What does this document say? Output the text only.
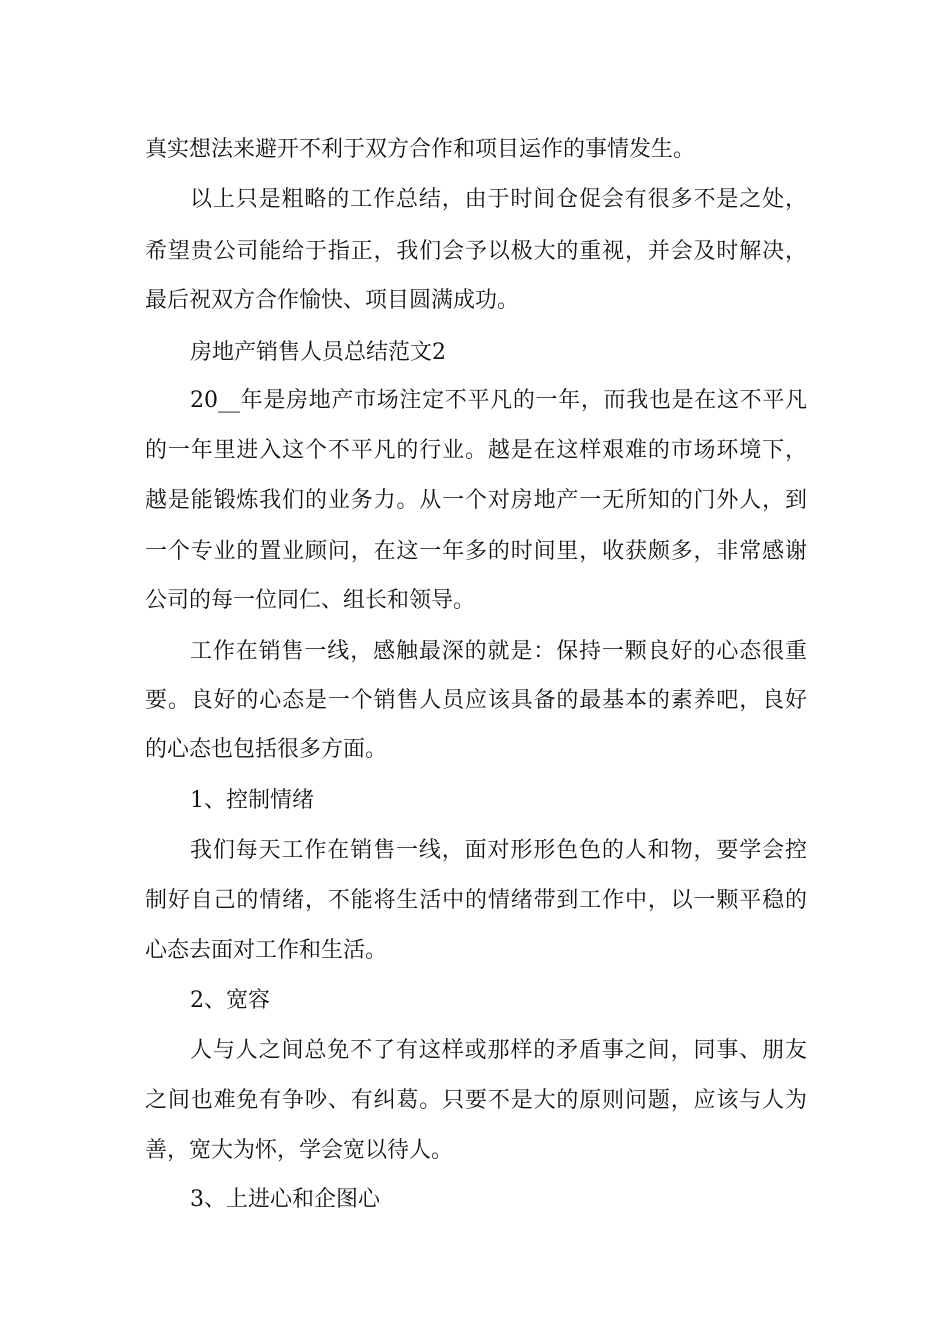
真实想法来避开不利于双方合作和项目运作的事情发生。
以上只是粗略的工作总结，由于时间仓促会有很多不是之处，
希望贵公司能给于指正，我们会予以极大的重视，并会及时解决，
最后祝双方合作愉快、项目圆满成功。
房地产销售人员总结范文2
20__年是房地产市场注定不平凡的一年，而我也是在这不平凡
的一年里进入这个不平凡的行业。越是在这样艰难的市场环境下，
越是能锻炼我们的业务力。从一个对房地产一无所知的门外人，到
一个专业的置业顾问，在这一年多的时间里，收获颇多，非常感谢
公司的每一位同仁、组长和领导。
工作在销售一线，感触最深的就是：保持一颗良好的心态很重
要。良好的心态是一个销售人员应该具备的最基本的素养吧，良好
的心态也包括很多方面。
1、控制情绪
我们每天工作在销售一线，面对形形色色的人和物，要学会控
制好自己的情绪，不能将生活中的情绪带到工作中，以一颗平稳的
心态去面对工作和生活。
2、宽容
人与人之间总免不了有这样或那样的矛盾事之间，同事、朋友
之间也难免有争吵、有纠葛。只要不是大的原则问题，应该与人为
善，宽大为怀，学会宽以待人。
3、上进心和企图心
